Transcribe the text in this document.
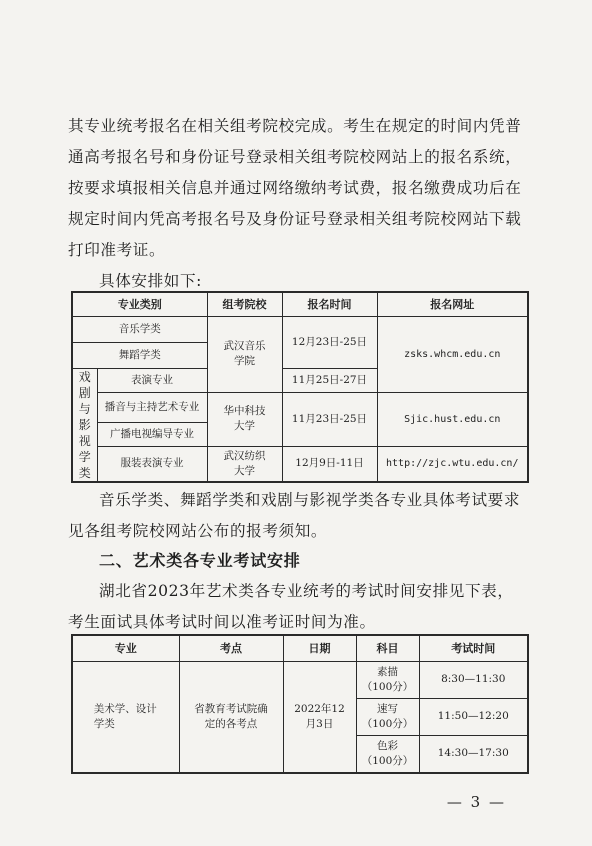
其专业统考报名在相关组考院校完成。考生在规定的时间内凭普通高考报名号和身份证号登录相关组考院校网站上的报名系统，按要求填报相关信息并通过网络缴纳考试费，报名缴费成功后在规定时间内凭高考报名号及身份证号登录相关组考院校网站下载打印准考证。

具体安排如下:

专业类别		组考院校	报名时间	报名网址
音乐学类		武汉音乐学院	12月23日-25日	zsks.whcm.edu.cn
舞蹈学类				

戏剧与影视学类	表演专业		11月25日-27日	
	播音与主持艺术专业	华中科技大学	11月23日-25日	Sjic.hust.edu.cn
	广播电视编导专业			
	服装表演专业	武汉纺织大学	12月9日-11日	http://zjc.wtu.edu.cn/

音乐学类、舞蹈学类和戏剧与影视学类各专业具体考试要求见各组考院校网站公布的报考须知。

二、艺术类各专业考试安排

湖北省2023年艺术类各专业统考的考试时间安排见下表，考生面试具体考试时间以准考证时间为准。

专业	考点	日期	科目	考试时间

美术学、设计学类	省教育考试院确定的各考点	2022年12月3日	素描
（100分）	8:30—11:30

			速写
（100分）	11:50—12:20

			色彩
（100分）	14:30—17:30

— 3 —
